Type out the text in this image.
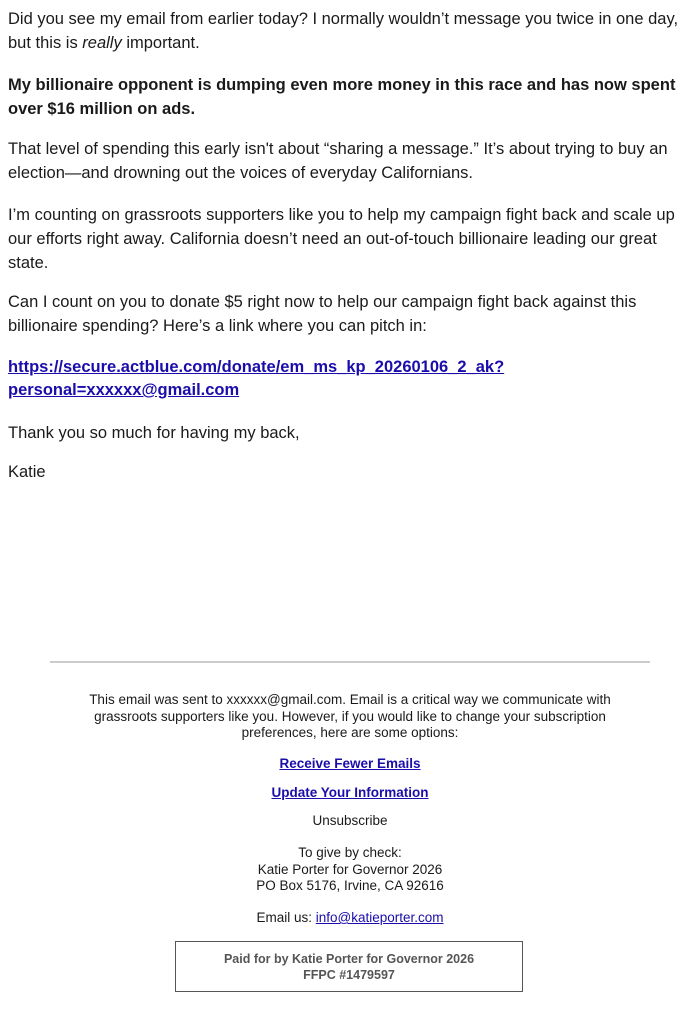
Did you see my email from earlier today? I normally wouldn’t message you twice in one day, but this is really important.

My billionaire opponent is dumping even more money in this race and has now spent over $16 million on ads.

That level of spending this early isn't about “sharing a message.” It’s about trying to buy an election—and drowning out the voices of everyday Californians.

I’m counting on grassroots supporters like you to help my campaign fight back and scale up our efforts right away. California doesn’t need an out-of-touch billionaire leading our great state.

Can I count on you to donate $5 right now to help our campaign fight back against this billionaire spending? Here’s a link where you can pitch in:

https://secure.actblue.com/donate/em_ms_kp_20260106_2_ak?
personal=xxxxxx@gmail.com

Thank you so much for having my back,

Katie

This email was sent to xxxxxx@gmail.com. Email is a critical way we communicate with
grassroots supporters like you. However, if you would like to change your subscription
preferences, here are some options:
Receive Fewer Emails
Update Your Information
Unsubscribe
To give by check:
Katie Porter for Governor 2026
PO Box 5176, Irvine, CA 92616
Email us: info@katieporter.com
Paid for by Katie Porter for Governor 2026
FFPC #1479597
